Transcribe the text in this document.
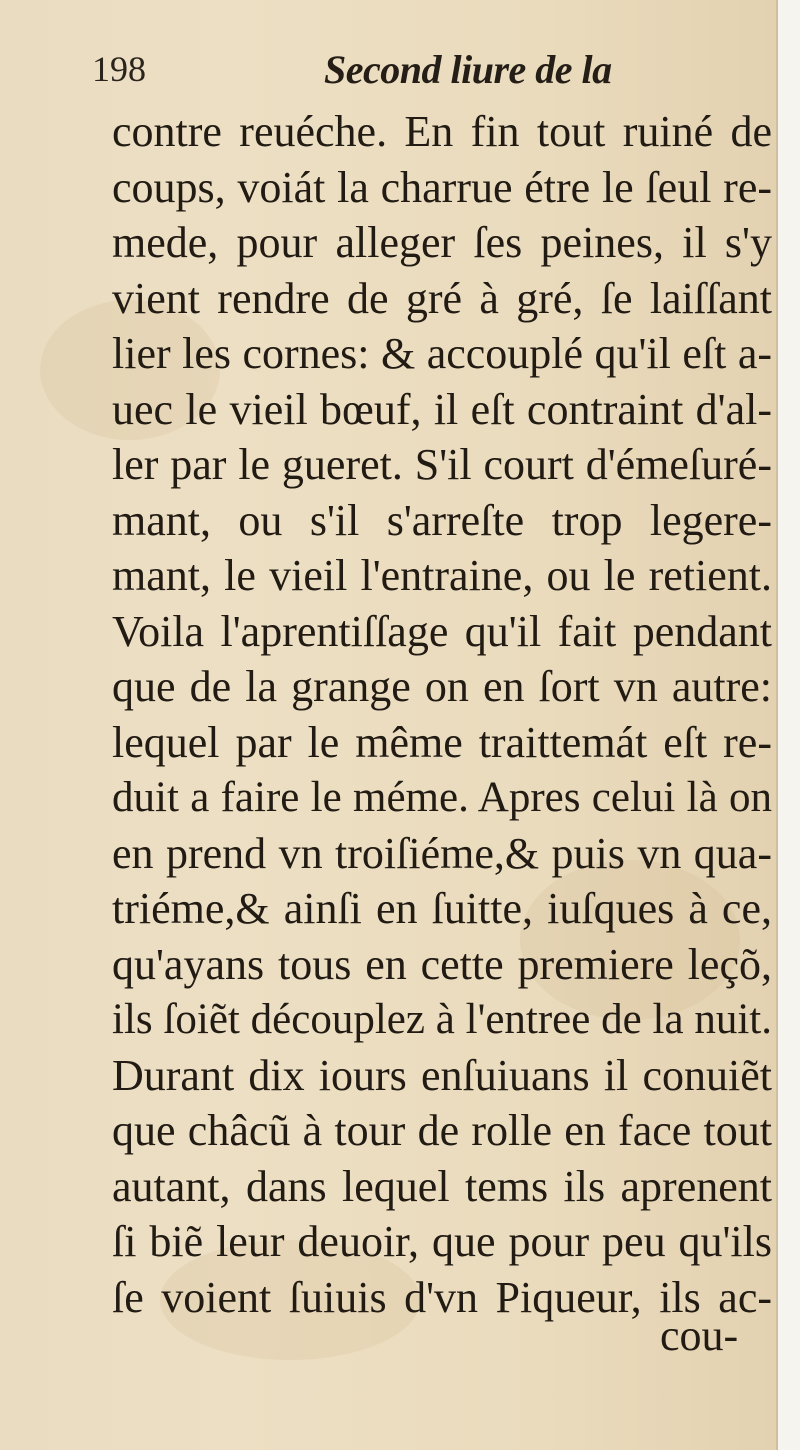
198	Second liure de la
contre reuéche. En fin tout ruiné de
coups, voiát la charrue étre le ſeul re-
mede, pour alleger ſes peines, il s'y
vient rendre de gré à gré, ſe laiſſant
lier les cornes: & accouplé qu'il eſt a-
uec le vieil bœuf, il eſt contraint d'al-
ler par le gueret. S'il court d'émeſuré-
mant, ou s'il s'arreſte trop legere-
mant, le vieil l'entraine, ou le retient.
Voila l'aprentiſſage qu'il fait pendant
que de la grange on en ſort vn autre:
lequel par le même traittemát eſt re-
duit a faire le méme. Apres celui là on
en prend vn troiſiéme,& puis vn qua-
triéme,& ainſi en ſuitte, iuſques à ce,
qu'ayans tous en cette premiere leçõ,
ils ſoiẽt découplez à l'entree de la nuit.
Durant dix iours enſuiuans il conuiẽt
que châcũ à tour de rolle en face tout
autant, dans lequel tems ils aprenent
ſi biẽ leur deuoir, que pour peu qu'ils
ſe voient ſuiuis d'vn Piqueur, ils ac-
cou-
